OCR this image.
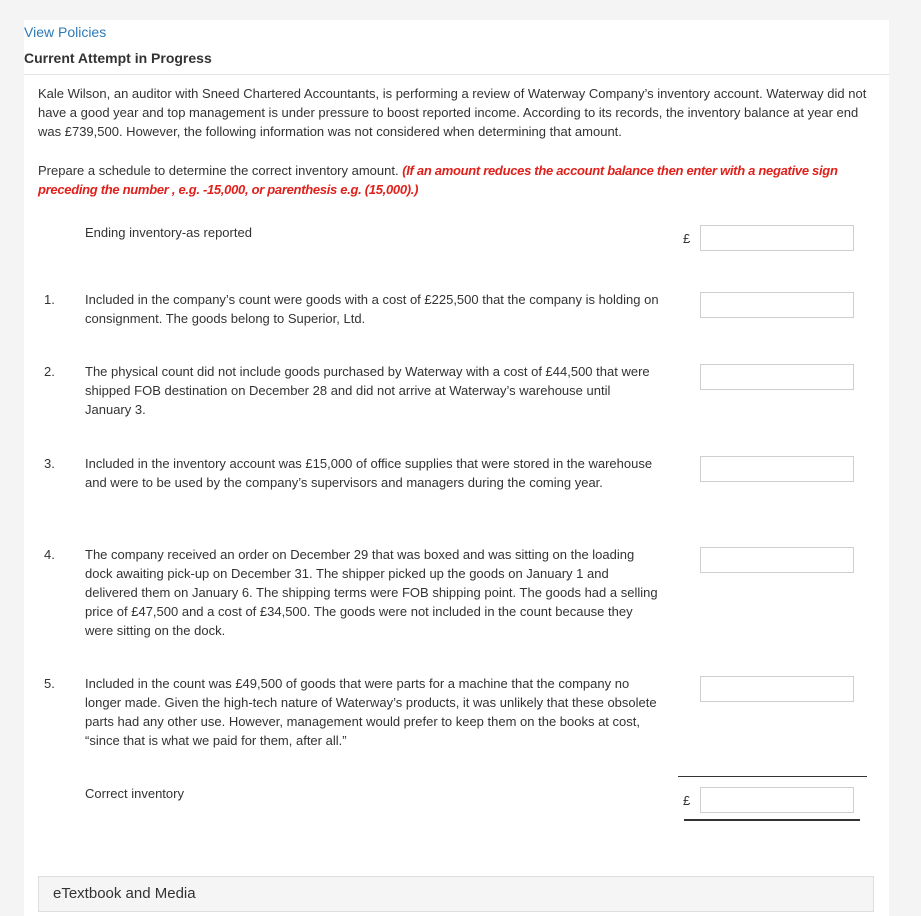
View Policies
Current Attempt in Progress
Kale Wilson, an auditor with Sneed Chartered Accountants, is performing a review of Waterway Company’s inventory account. Waterway did not have a good year and top management is under pressure to boost reported income. According to its records, the inventory balance at year end was £739,500. However, the following information was not considered when determining that amount.
Prepare a schedule to determine the correct inventory amount. (If an amount reduces the account balance then enter with a negative sign preceding the number , e.g. -15,000, or parenthesis e.g. (15,000).)
Ending inventory-as reported	£
1. Included in the company’s count were goods with a cost of £225,500 that the company is holding on consignment. The goods belong to Superior, Ltd.
2. The physical count did not include goods purchased by Waterway with a cost of £44,500 that were shipped FOB destination on December 28 and did not arrive at Waterway’s warehouse until January 3.
3. Included in the inventory account was £15,000 of office supplies that were stored in the warehouse and were to be used by the company’s supervisors and managers during the coming year.
4. The company received an order on December 29 that was boxed and was sitting on the loading dock awaiting pick-up on December 31. The shipper picked up the goods on January 1 and delivered them on January 6. The shipping terms were FOB shipping point. The goods had a selling price of £47,500 and a cost of £34,500. The goods were not included in the count because they were sitting on the dock.
5. Included in the count was £49,500 of goods that were parts for a machine that the company no longer made. Given the high-tech nature of Waterway’s products, it was unlikely that these obsolete parts had any other use. However, management would prefer to keep them on the books at cost, “since that is what we paid for them, after all.”
Correct inventory	£
eTextbook and Media
